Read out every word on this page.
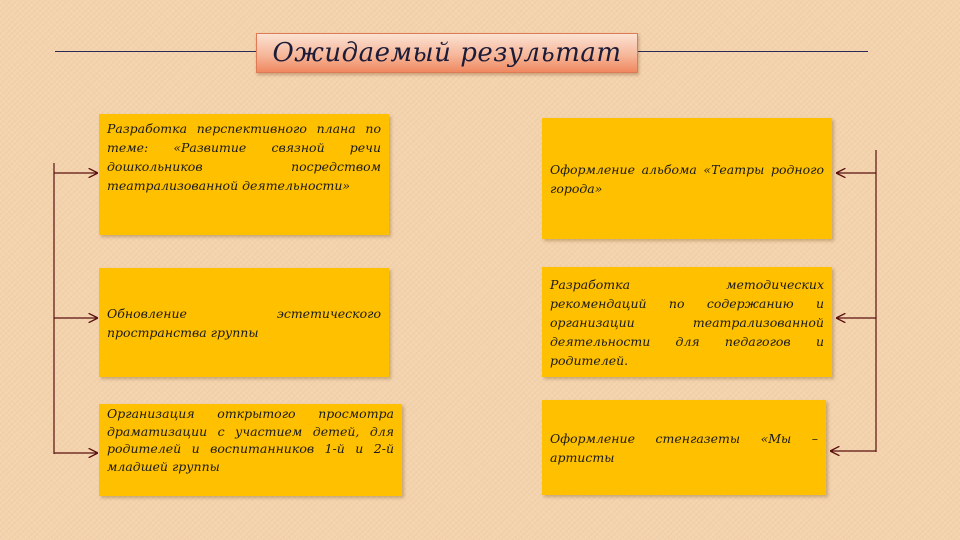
Ожидаемый результат
Разработка перспективного плана по теме: «Развитие связной речи дошкольников посредством театрализованной деятельности»
Обновление эстетического пространства группы
Организация открытого просмотра драматизации с участием детей, для родителей и воспитанников 1-й и 2-й младшей группы
Оформление альбома «Театры родного города»
Разработка методических рекомендаций по содержанию и организации театрализованной деятельности для педагогов и родителей.
Оформление стенгазеты «Мы – артисты
